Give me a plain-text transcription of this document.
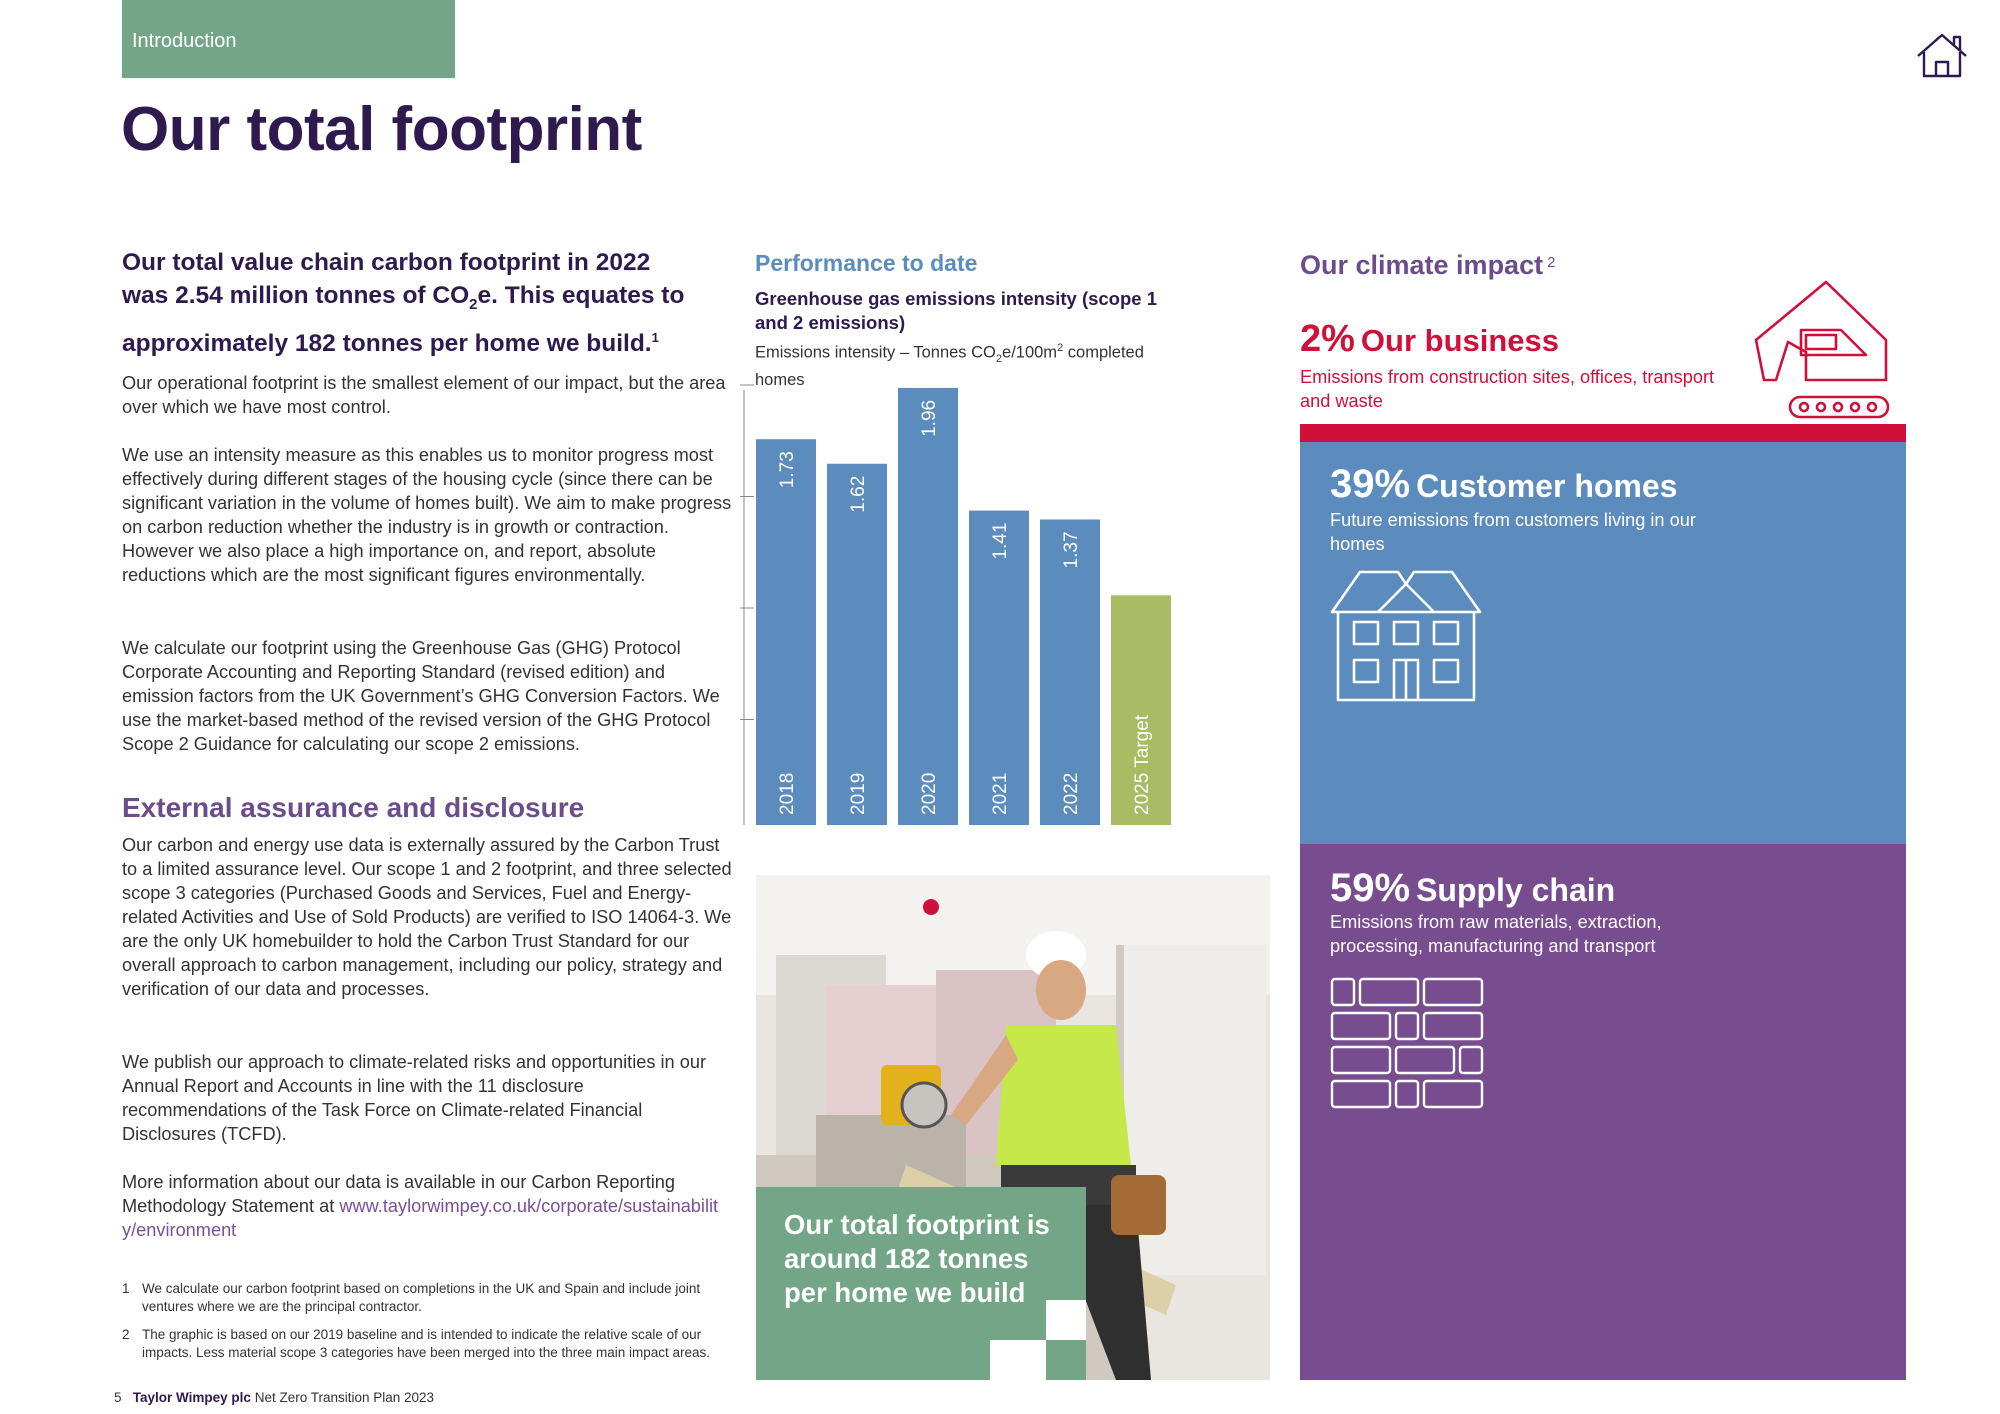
Introduction
Our total footprint

Our total value chain carbon footprint in 2022
was 2.54 million tonnes of $CO_2e$. This equates to
approximately 182 tonnes per home we build.$^1$

Our operational footprint is the smallest element of our impact, but the area over which we have most control.

We use an intensity measure as this enables us to monitor progress most effectively during different stages of the housing cycle (since there can be significant variation in the volume of homes built). We aim to make progress on carbon reduction whether the industry is in growth or contraction. However we also place a high importance on, and report, absolute reductions which are the most significant figures environmentally.

We calculate our footprint using the Greenhouse Gas (GHG) Protocol Corporate Accounting and Reporting Standard (revised edition) and emission factors from the UK Government’s GHG Conversion Factors. We use the market-based method of the revised version of the GHG Protocol Scope 2 Guidance for calculating our scope 2 emissions.

External assurance and disclosure

Our carbon and energy use data is externally assured by the Carbon Trust to a limited assurance level. Our scope 1 and 2 footprint, and three selected scope 3 categories (Purchased Goods and Services, Fuel and Energy-related Activities and Use of Sold Products) are verified to ISO 14064-3. We are the only UK homebuilder to hold the Carbon Trust Standard for our overall approach to carbon management, including our policy, strategy and verification of our data and processes.

We publish our approach to climate-related risks and opportunities in our Annual Report and Accounts in line with the 11 disclosure recommendations of the Task Force on Climate-related Financial Disclosures (TCFD).

More information about our data is available in our Carbon Reporting Methodology Statement at www.taylorwimpey.co.uk/corporate/sustainability/environment

1 We calculate our carbon footprint based on completions in the UK and Spain and include joint ventures where we are the principal contractor.
2 The graphic is based on our 2019 baseline and is intended to indicate the relative scale of our impacts. Less material scope 3 categories have been merged into the three main impact areas.
5 Taylor Wimpey plc Net Zero Transition Plan 2023
Performance to date
Greenhouse gas emissions intensity (scope 1 and 2 emissions)
Emissions intensity – Tonnes $CO_2e/100m^2$ completed homes
2018
1.73
2019
1.62
2020
1.96
2021
1.41
2022
1.37
2025 Target
Our total footprint is around 182 tonnes per home we build
Our climate impact $^2$
2% Our business
Emissions from construction sites, offices, transport and waste
39% Customer homes
Future emissions from customers living in our homes
59% Supply chain
Emissions from raw materials, extraction, processing, manufacturing and transport
